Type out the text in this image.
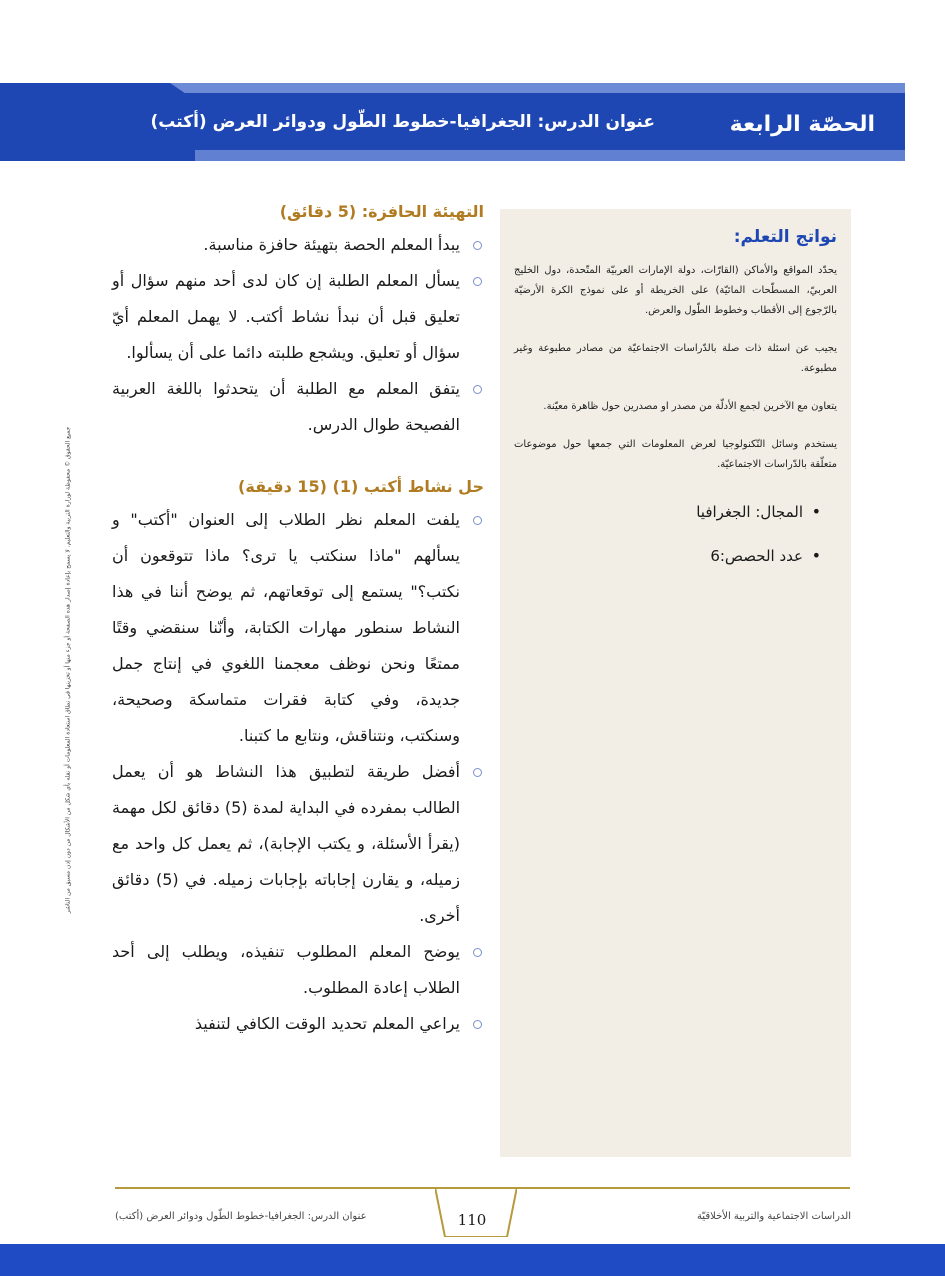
الحصّة الرابعة
عنوان الدرس: الجغرافيا-خطوط الطّول ودوائر العرض (أكتب)
جميع الحقوق © محفوظة لوزارة التربية والتعليم. لا يسمح بإعادة إصدار هذه الصفحة أو جزء منها أو تخزينها في نطاق استعادة المعلومات أو نقله بأي شكل من الأشكال من دون إذن مسبق من الناشر
التهيئة الحافزة: (5 دقائق)
يبدأ المعلم الحصة بتهيئة حافزة مناسبة.
يسأل المعلم الطلبة إن كان لدى أحد منهم سؤال أو تعليق قبل أن نبدأ نشاط أكتب. لا يهمل المعلم أيّ سؤال أو تعليق. ويشجع طلبته دائما على أن يسألوا.
يتفق المعلم مع الطلبة أن يتحدثوا باللغة العربية الفصيحة طوال الدرس.
حل نشاط أكتب (1) (15 دقيقة)
يلفت المعلم نظر الطلاب إلى العنوان "أكتب" و يسألهم "ماذا سنكتب يا ترى؟ ماذا تتوقعون أن نكتب؟" يستمع إلى توقعاتهم، ثم يوضح أننا في هذا النشاط سنطور مهارات الكتابة، وأنّنا سنقضي وقتًا ممتعًا ونحن نوظف معجمنا اللغوي في إنتاج جمل جديدة، وفي كتابة فقرات متماسكة وصحيحة، وسنكتب، ونتناقش، ونتابع ما كتبنا.
أفضل طريقة لتطبيق هذا النشاط هو أن يعمل الطالب بمفرده في البداية لمدة (5) دقائق لكل مهمة (يقرأ الأسئلة، و يكتب الإجابة)، ثم يعمل كل واحد مع زميله، و يقارن إجاباته بإجابات زميله. في (5) دقائق أخرى.
يوضح المعلم المطلوب تنفيذه، ويطلب إلى أحد الطلاب إعادة المطلوب.
يراعي المعلم تحديد الوقت الكافي لتنفيذ
نواتج التعلم:

يحدّد المواقع والأماكن (القارّات، دولة الإمارات العربيّة المتّحدة، دول الخليج العربيّ، المسطّحات المائيّة) على الخريطة أو على نموذج الكرة الأرضيّة بالرّجوع إلى الأقطاب وخطوط الطّول والعرض.

يجيب عن اسئلة ذات صلة بالدّراسات الاجتماعيّة من مصادر مطبوعة وغير مطبوعة.

يتعاون مع الآخرين لجمع الأدلّة من مصدر او مصدرين حول ظاهرة معيّنة.

يستخدم وسائل التّكنولوجيا لعرض المعلومات التي جمعها حول موضوعات متعلّقة بالدّراسات الاجتماعيّة.

• المجال: الجغرافيا
• عدد الحصص:6
عنوان الدرس: الجغرافيا-خطوط الطّول ودوائر العرض (أكتب)	110	الدراسات الاجتماعية والتربية الأخلاقيّة
